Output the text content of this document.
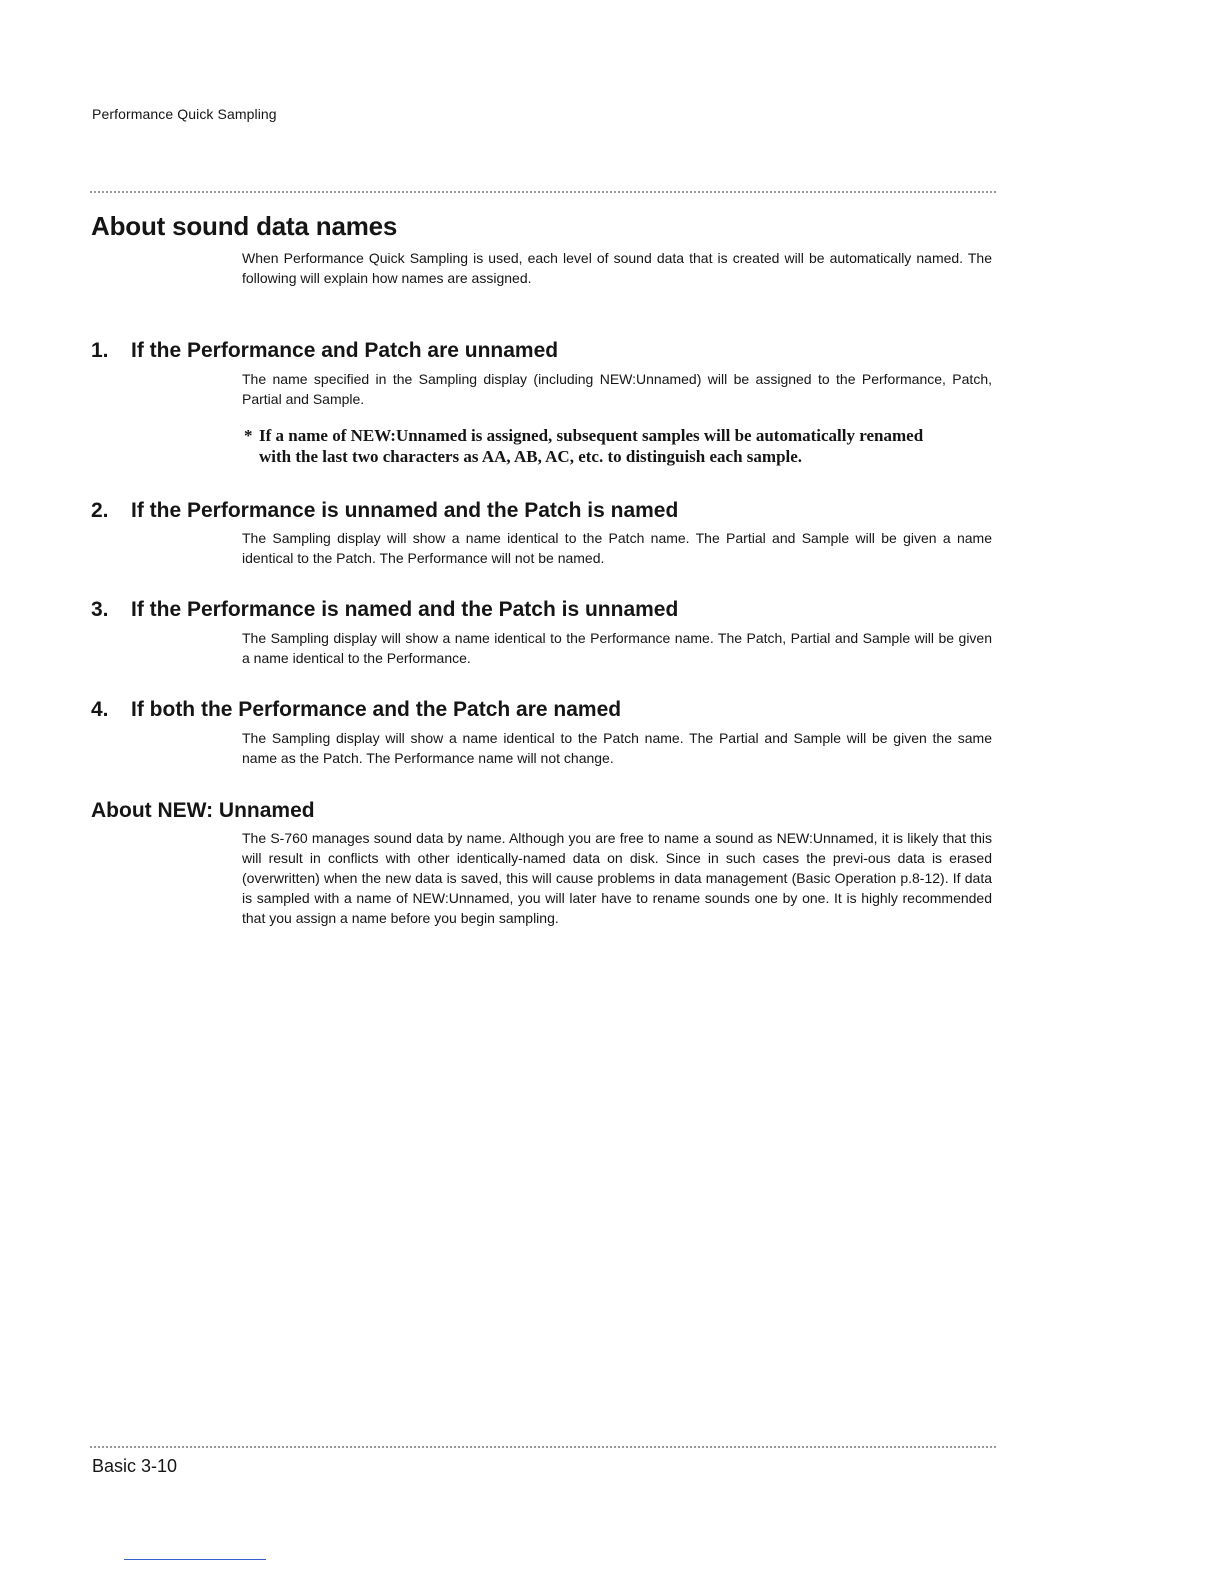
Performance Quick Sampling
About sound data names

When Performance Quick Sampling is used, each level of sound data that is created will be automatically named. The following will explain how names are assigned.

1. If the Performance and Patch are unnamed

The name specified in the Sampling display (including NEW:Unnamed) will be assigned to the Performance, Patch, Partial and Sample.

* If a name of NEW:Unnamed is assigned, subsequent samples will be automatically renamed
with the last two characters as AA, AB, AC, etc. to distinguish each sample.
2. If the Performance is unnamed and the Patch is named

The Sampling display will show a name identical to the Patch name. The Partial and Sample will be given a name identical to the Patch. The Performance will not be named.

3. If the Performance is named and the Patch is unnamed

The Sampling display will show a name identical to the Performance name. The Patch, Partial and Sample will be given a name identical to the Performance.

4. If both the Performance and the Patch are named

The Sampling display will show a name identical to the Patch name. The Partial and Sample will be given the same name as the Patch. The Performance name will not change.

About NEW: Unnamed

The S-760 manages sound data by name. Although you are free to name a sound as NEW:Unnamed, it is likely that this will result in conflicts with other identically-named data on disk. Since in such cases the previ-ous data is erased (overwritten) when the new data is saved, this will cause problems in data management (Basic Operation p.8-12). If data is sampled with a name of NEW:Unnamed, you will later have to rename sounds one by one. It is highly recommended that you assign a name before you begin sampling.

Basic 3-10
